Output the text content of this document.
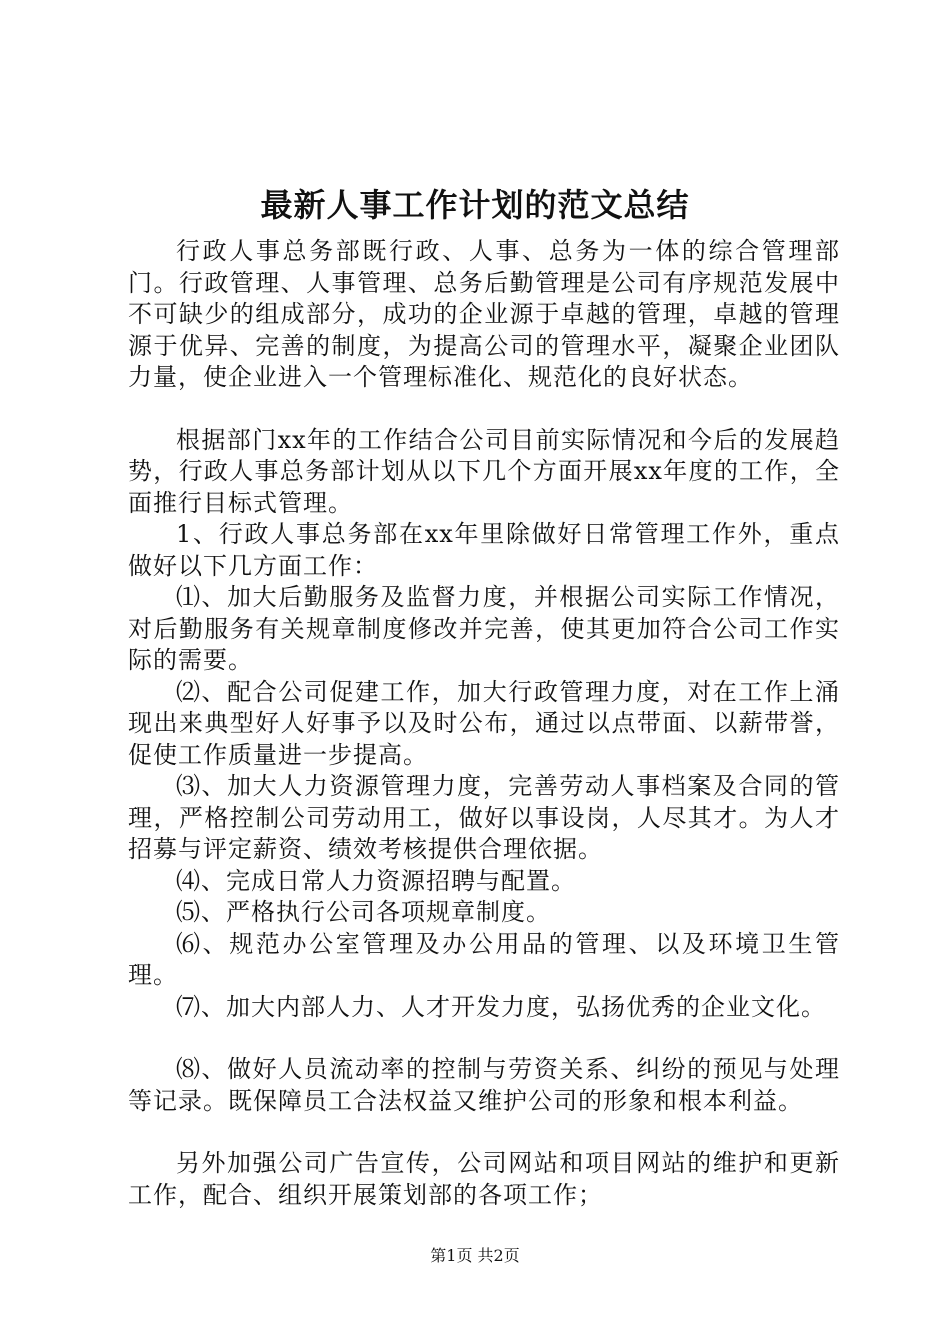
最新人事工作计划的范文总结

行政人事总务部既行政、人事、总务为一体的综合管理部门。行政管理、人事管理、总务后勤管理是公司有序规范发展中不可缺少的组成部分，成功的企业源于卓越的管理，卓越的管理源于优异、完善的制度，为提高公司的管理水平，凝聚企业团队力量，使企业进入一个管理标准化、规范化的良好状态。

根据部门xx年的工作结合公司目前实际情况和今后的发展趋势，行政人事总务部计划从以下几个方面开展xx年度的工作，全面推行目标式管理。

1、行政人事总务部在xx年里除做好日常管理工作外，重点做好以下几方面工作：

⑴、加大后勤服务及监督力度，并根据公司实际工作情况，对后勤服务有关规章制度修改并完善，使其更加符合公司工作实际的需要。

⑵、配合公司促建工作，加大行政管理力度，对在工作上涌现出来典型好人好事予以及时公布，通过以点带面、以薪带誉，促使工作质量进一步提高。

⑶、加大人力资源管理力度，完善劳动人事档案及合同的管理，严格控制公司劳动用工，做好以事设岗，人尽其才。为人才招募与评定薪资、绩效考核提供合理依据。

⑷、完成日常人力资源招聘与配置。

⑸、严格执行公司各项规章制度。

⑹、规范办公室管理及办公用品的管理、以及环境卫生管理。

⑺、加大内部人力、人才开发力度，弘扬优秀的企业文化。

⑻、做好人员流动率的控制与劳资关系、纠纷的预见与处理等记录。既保障员工合法权益又维护公司的形象和根本利益。

另外加强公司广告宣传，公司网站和项目网站的维护和更新工作，配合、组织开展策划部的各项工作；

第1页 共2页
